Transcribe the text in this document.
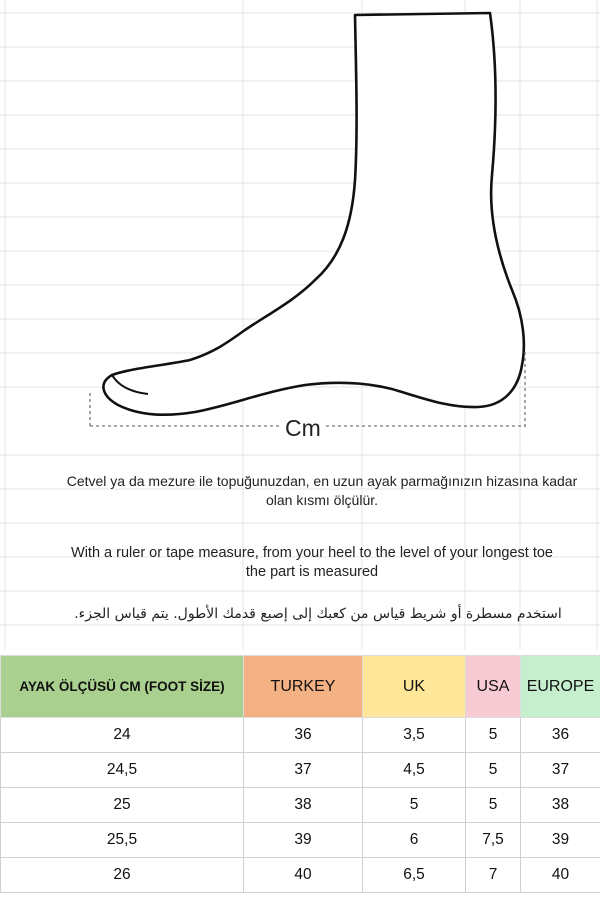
Cm
Cetvel ya da mezure ile topuğunuzdan, en uzun ayak parmağınızın hizasına kadar
olan kısmı ölçülür.
With a ruler or tape measure, from your heel to the level of your longest toe
the part is measured
استخدم مسطرة أو شريط قياس من كعبك إلى إصبع قدمك الأطول. يتم قياس الجزء.
AYAK ÖLÇÜSÜ CM (FOOT SİZE)	TURKEY	UK	USA	EUROPE
24	36	3,5	5	36
24,5	37	4,5	5	37
25	38	5	5	38
25,5	39	6	7,5	39
26	40	6,5	7	40
